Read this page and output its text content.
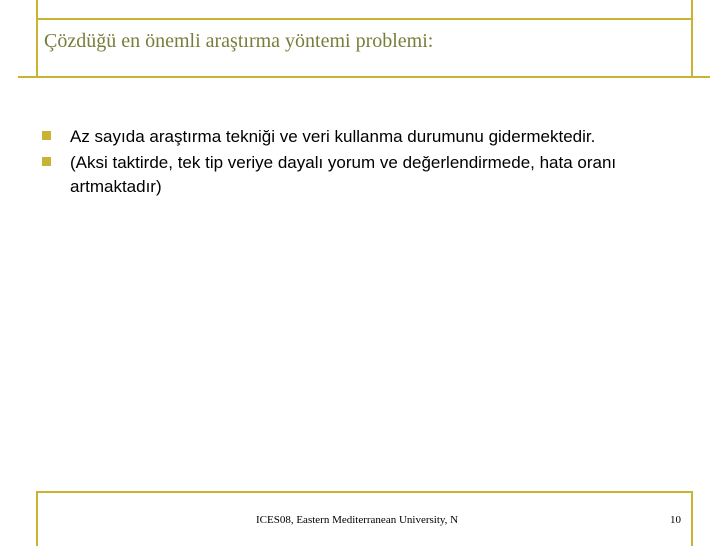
Çözdüğü en önemli araştırma yöntemi problemi:
Az sayıda araştırma tekniği ve veri kullanma durumunu gidermektedir.
(Aksi taktirde, tek tip veriye dayalı yorum ve değerlendirmede, hata oranı artmaktadır)
ICES08, Eastern Mediterranean University, N	10
